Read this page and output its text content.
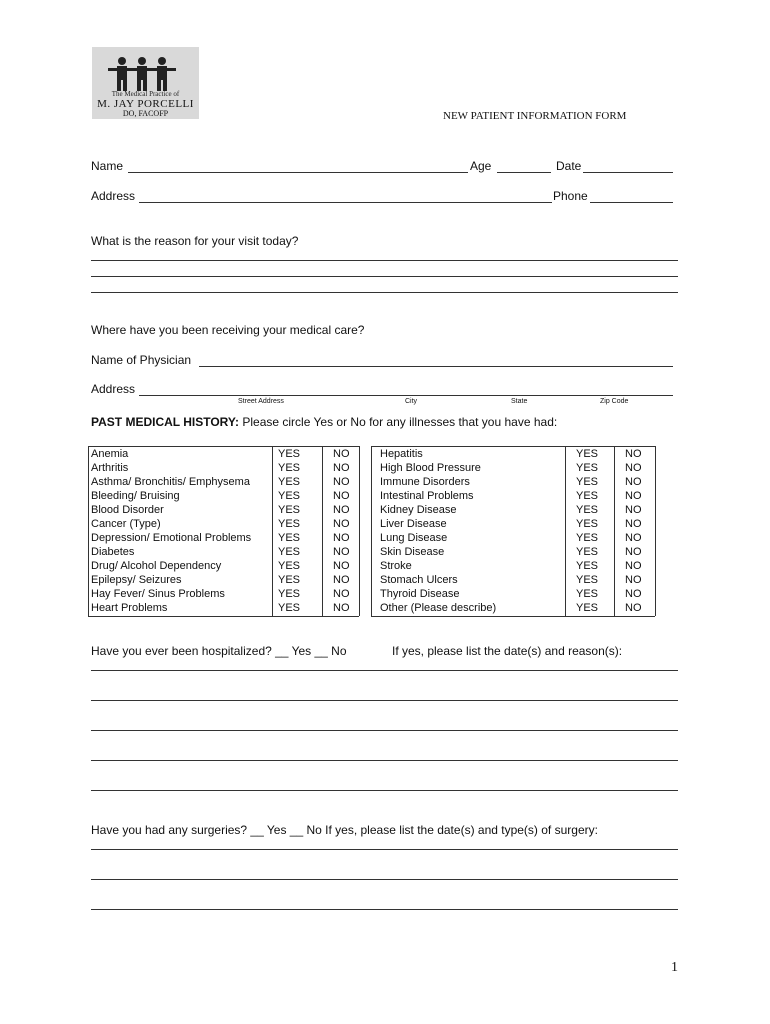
The Medical Practice of
M. JAY PORCELLI
DO, FACOFP	NEW PATIENT INFORMATION FORM
Name	Age	Date
Address	Phone
What is the reason for your visit today?
Where have you been receiving your medical care?
Name of Physician
Address
Street Address	City	State	Zip Code
PAST MEDICAL HISTORY: Please circle Yes or No for any illnesses that you have had:
Anemia	YES	NO	Hepatitis	YES NO
Arthritis	YES	NO	High Blood Pressure	YES NO
Asthma/ Bronchitis/ Emphysema	YES	NO	Immune Disorders	YES NO
Bleeding/ Bruising	YES	NO	Intestinal Problems	YES NO
Blood Disorder	YES	NO	Kidney Disease	YES NO
Cancer (Type)	YES	NO	Liver Disease	YES NO
Depression/ Emotional Problems YES	NO	Lung Disease	YES NO
Diabetes	YES	NO	Skin Disease	YES NO
Drug/ Alcohol Dependency	YES	NO	Stroke	YES NO
Epilepsy/ Seizures	YES	NO	Stomach Ulcers	YES NO
Hay Fever/ Sinus Problems	YES	NO	Thyroid Disease	YES NO
Heart Problems	YES	NO	Other (Please describe)	YES NO
Have you ever been hospitalized? __ Yes __ No	If yes, please list the date(s) and reason(s):
Have you had any surgeries? __ Yes __ No If yes, please list the date(s) and type(s) of surgery:
1
